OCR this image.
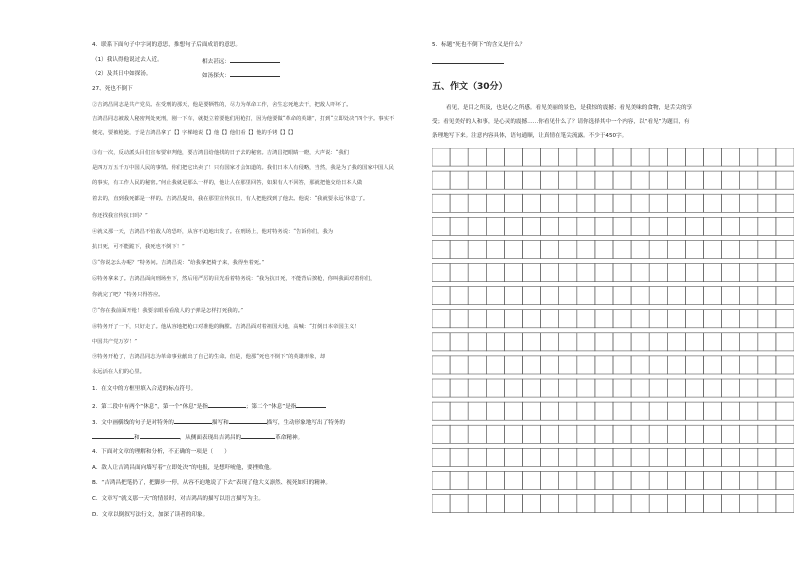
4．联系下面句子中字词的意思，推想句子后面成语的意思。
（1）我认得他说过去人近。	相去甚远：
（2）及其日中如探汤。	如汤探火：
27、死也不倒下
②吉鸿昌同志是共产党员。在受刑的那天，他是要牺牲的，尽力为革命工作，舍生忘死地去干，把敌人吓坏了。
吉鸿昌同志被敌人秘密判处死刑，刚一下车，就挺立着要他们用枪打，因为他要做“革命的英雄”，打到“立即处决”四个字。事实不
便完，要被枪毙，于是吉鸿昌拿了【】字梯地说【】他【】他们看【】他的手铐【】【】
③有一次，反动派头目们宣布要审判他，要吉鸿昌给他找的日子去的秘密。吉鸿昌把眼睛一瞪，大声说：“我们
是四万万五千万中国人民的事情。你们把它出卖了！只有国家才会知道的。我们日本人有侵略，当然，我是为了我的国家中国人民
的事实，有工作人民的秘密。”何止我就是那么一样的，他让人在那里回答，如果有人不回答，那就把他交给日本人做
着去的，直到我死都是一样的。吉鸿昌提出，我在那里宣传抗日，有人把他找到了他去。他说：“我就要永远‘休息’了。
你还找我宣传抗日吗？”
④就义那一天，吉鸿昌不怕敌人的恐吓，从容不迫地出发了。在刑场上，他对特务说：“告诉你们，我为
抗日死，可不能跪下，我死也不倒下！”
⑤“你说怎么办呢？”特务问。吉鸿昌说：“给我拿把椅子来，我得坐着死。”
⑥特务拿来了。吉鸿昌面向刑场坐下，然后用严厉的目光看着特务说：“我为抗日死，不能背后挨枪，你叫我面对着你们，
你就完了吧？”特务只得答应。
⑦“你在我前面开枪！我要亲眼看看敌人的子弹是怎样打死我的。”
⑧特务开了一下，只好走了。他从容地把枪口对准他的胸膛。吉鸿昌面对着祖国大地，高喊：“打倒日本帝国主义！
中国共产党万岁！”
⑨特务开枪了，吉鸿昌同志为革命事业献出了自己的生命。但是，他那“死也不倒下”的英雄形象，却
永远活在人们的心里。
1．在文中的方框里填入合适的标点符号。
2．第二段中有两个“休息”，第一个“休息”是指	；第二个“休息”是指
3．文中画横线的句子是对特务的	描写和	描写，生动形象地写出了特务的
和	，从侧面表现出吉鸿昌的	革命精神。
4．下面对文章的理解和分析，不正确的一项是（　　）
A．敌人让吉鸿昌面向墙写着“立即处决”的电报，是想吓唬他，要挫败他。
B．“吉鸿昌把笔扔了，把脚步一停，从容不迫地说了下去”表现了他大义凛然、视死如归的精神。
C．文章写“就义那一天”的情景时，对吉鸿昌的描写以语言描写为主。
D．文章以倒叙写法行文，加深了读者的印象。
5．标题“死也不倒下”的含义是什么？
五、作文（30分）
看见，是目之所及，也是心之所感。看见美丽的景色，是我惊的震撼；看见美味的食物，是舌尖的享
受；看见美好的人和事，是心灵的震撼……你看见什么了？请你选择其中一个内容，以“看见”为题目，有
条理地写下来。注意内容具体，语句通顺，让真情在笔尖流露。不少于450字。
